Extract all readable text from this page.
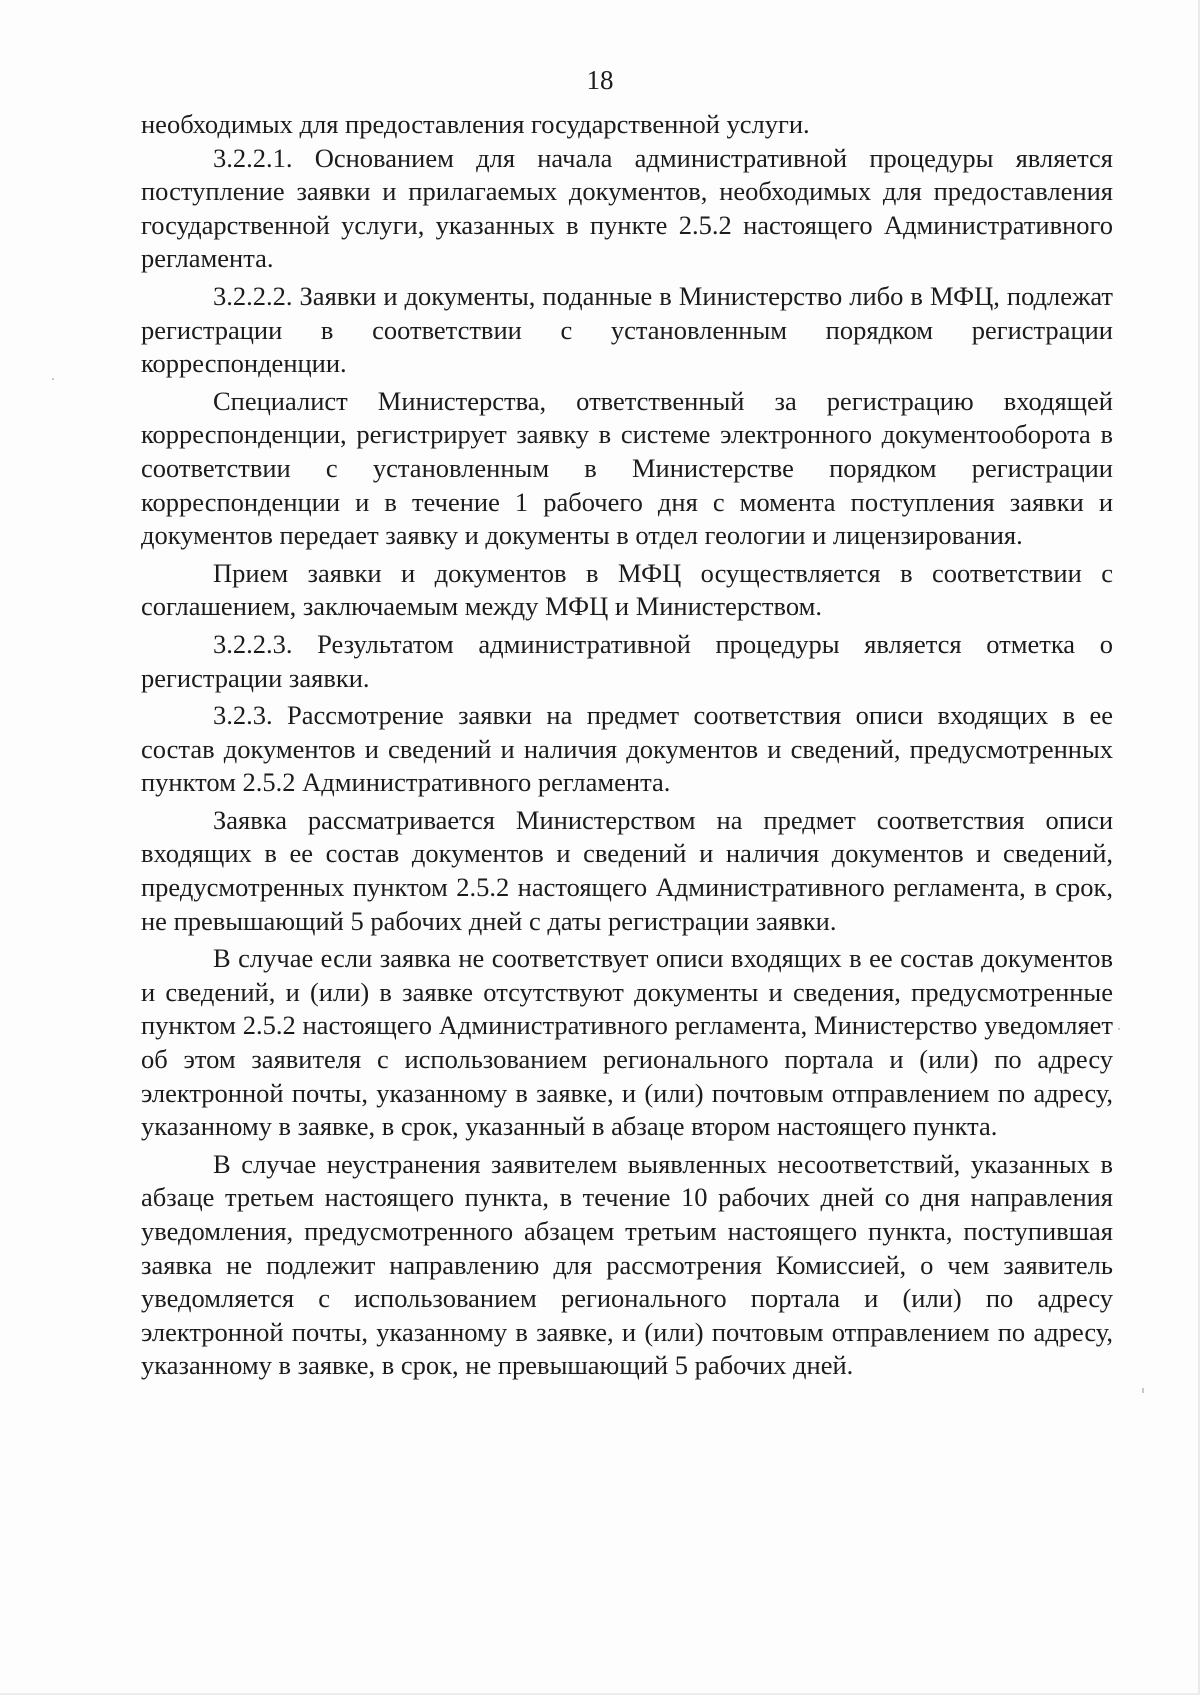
18

необходимых для предоставления государственной услуги.

3.2.2.1. Основанием для начала административной процедуры является поступление заявки и прилагаемых документов, необходимых для предоставления государственной услуги, указанных в пункте 2.5.2 настоящего Административного регламента.

3.2.2.2. Заявки и документы, поданные в Министерство либо в МФЦ, подлежат регистрации в соответствии с установленным порядком регистрации корреспонденции.

Специалист Министерства, ответственный за регистрацию входящей корреспонденции, регистрирует заявку в системе электронного документооборота в соответствии с установленным в Министерстве порядком регистрации корреспонденции и в течение 1 рабочего дня с момента поступления заявки и документов передает заявку и документы в отдел геологии и лицензирования.

Прием заявки и документов в МФЦ осуществляется в соответствии с соглашением, заключаемым между МФЦ и Министерством.

3.2.2.3. Результатом административной процедуры является отметка о регистрации заявки.

3.2.3. Рассмотрение заявки на предмет соответствия описи входящих в ее состав документов и сведений и наличия документов и сведений, предусмотренных пунктом 2.5.2 Административного регламента.

Заявка рассматривается Министерством на предмет соответствия описи входящих в ее состав документов и сведений и наличия документов и сведений, предусмотренных пунктом 2.5.2 настоящего Административного регламента, в срок, не превышающий 5 рабочих дней с даты регистрации заявки.

В случае если заявка не соответствует описи входящих в ее состав документов и сведений, и (или) в заявке отсутствуют документы и сведения, предусмотренные пунктом 2.5.2 настоящего Административного регламента, Министерство уведомляет об этом заявителя с использованием регионального портала и (или) по адресу электронной почты, указанному в заявке, и (или) почтовым отправлением по адресу, указанному в заявке, в срок, указанный в абзаце втором настоящего пункта.

В случае неустранения заявителем выявленных несоответствий, указанных в абзаце третьем настоящего пункта, в течение 10 рабочих дней со дня направления уведомления, предусмотренного абзацем третьим настоящего пункта, поступившая заявка не подлежит направлению для рассмотрения Комиссией, о чем заявитель уведомляется с использованием регионального портала и (или) по адресу электронной почты, указанному в заявке, и (или) почтовым отправлением по адресу, указанному в заявке, в срок, не превышающий 5 рабочих дней.
